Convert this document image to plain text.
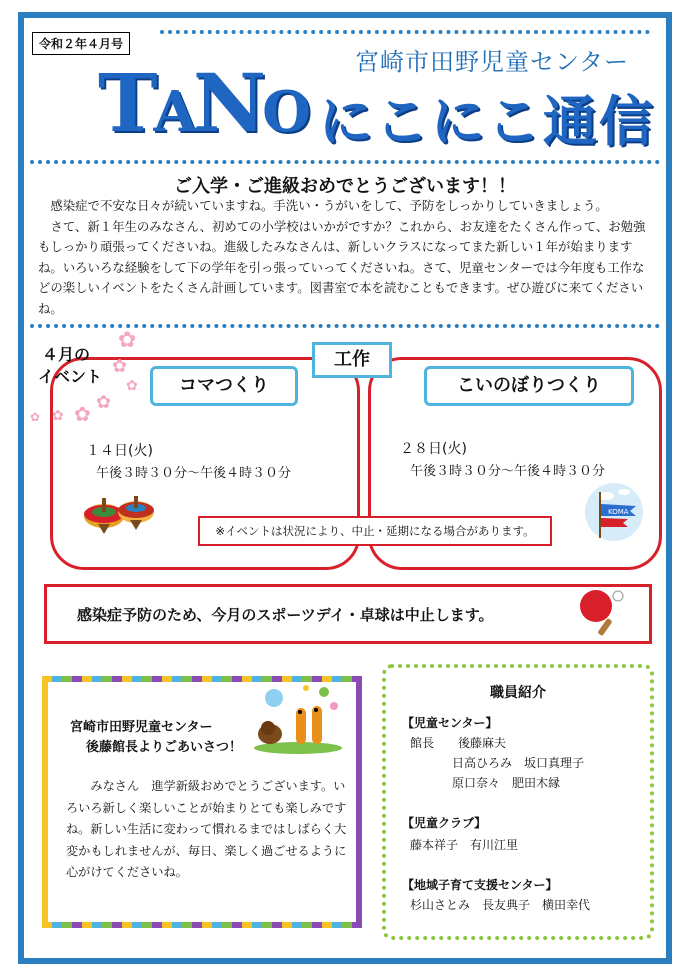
令和２年４月号
宮崎市田野児童センター
TANO にこにこ通信
ご入学・ご進級おめでとうございます！！

感染症で不安な日々が続いていますね。手洗い・うがいをして、予防をしっかりしていきましょう。

さて、新１年生のみなさん、初めての小学校はいかがですか？これから、お友達をたくさん作って、お勉強もしっかり頑張ってくださいね。進級したみなさんは、新しいクラスになってまた新しい１年が始まりますね。いろいろな経験をして下の学年を引っ張っていってくださいね。さて、児童センターでは今年度も工作などの楽しいイベントをたくさん計画しています。図書室で本を読むこともできます。ぜひ遊びに来てくださいね。

４月の
イベント
✿
✿
✿
✿
✿
✿
✿
工作
コマつくり	こいのぼりつくり
１４日(火)
午後３時３０分～午後４時３０分
２８日(火)
午後３時３０分～午後４時３０分
KOMA
※イベントは状況により、中止・延期になる場合があります。
感染症予防のため、今月のスポーツデイ・卓球は中止します。
宮崎市田野児童センター
後藤館長よりごあいさつ！
みなさん　進学新級おめでとうございます。いろいろ新しく楽しいことが始まりとても楽しみですね。新しい生活に変わって慣れるまではしばらく大変かもしれませんが、毎日、楽しく過ごせるように心がけてくださいね。
職員紹介
【児童センター】
館長　　後藤麻夫
日高ひろみ　坂口真理子
原口奈々　肥田木縁
【児童クラブ】
藤本祥子　有川江里
【地域子育て支援センター】
杉山さとみ　長友典子　横田幸代
